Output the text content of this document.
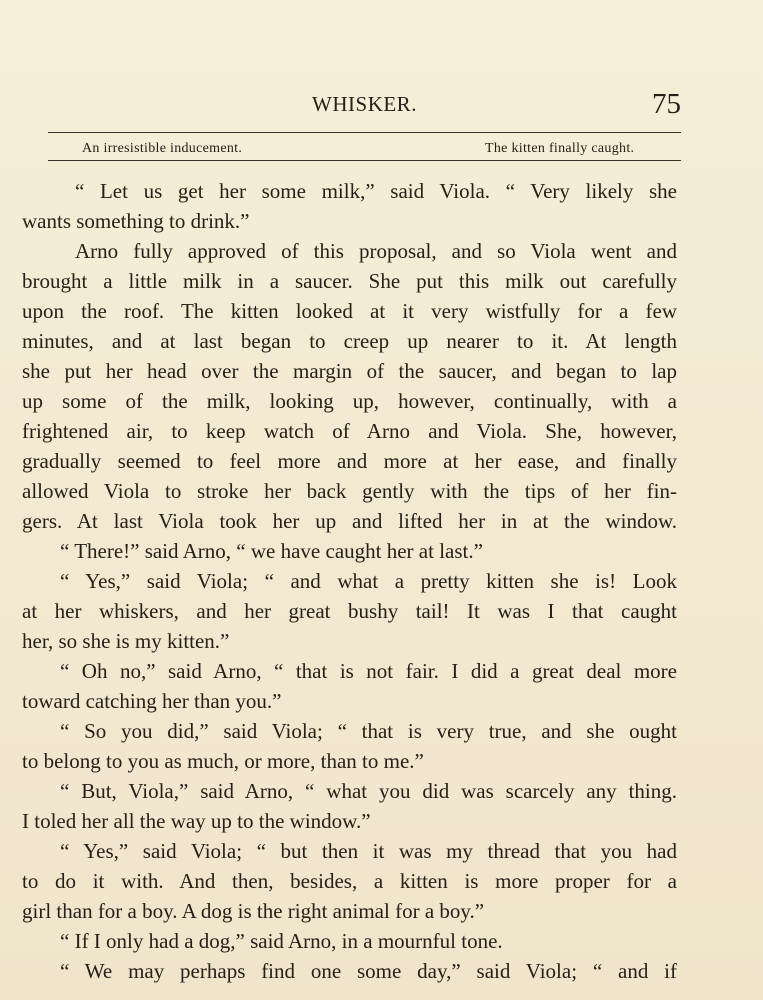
WHISKER.	75
An irresistible inducement.	The kitten finally caught.
“ Let us get her some milk,” said Viola. “ Very likely she
wants something to drink.”
Arno fully approved of this proposal, and so Viola went and
brought a little milk in a saucer. She put this milk out carefully
upon the roof. The kitten looked at it very wistfully for a few
minutes, and at last began to creep up nearer to it. At length
she put her head over the margin of the saucer, and began to lap
up some of the milk, looking up, however, continually, with a
frightened air, to keep watch of Arno and Viola. She, however,
gradually seemed to feel more and more at her ease, and finally
allowed Viola to stroke her back gently with the tips of her fin-
gers. At last Viola took her up and lifted her in at the window.
“ There!” said Arno, “ we have caught her at last.”
“ Yes,” said Viola; “ and what a pretty kitten she is! Look
at her whiskers, and her great bushy tail! It was I that caught
her, so she is my kitten.”
“ Oh no,” said Arno, “ that is not fair. I did a great deal more
toward catching her than you.”
“ So you did,” said Viola; “ that is very true, and she ought
to belong to you as much, or more, than to me.”
“ But, Viola,” said Arno, “ what you did was scarcely any thing.
I toled her all the way up to the window.”
“ Yes,” said Viola; “ but then it was my thread that you had
to do it with. And then, besides, a kitten is more proper for a
girl than for a boy. A dog is the right animal for a boy.”
“ If I only had a dog,” said Arno, in a mournful tone.
“ We may perhaps find one some day,” said Viola; “ and if
